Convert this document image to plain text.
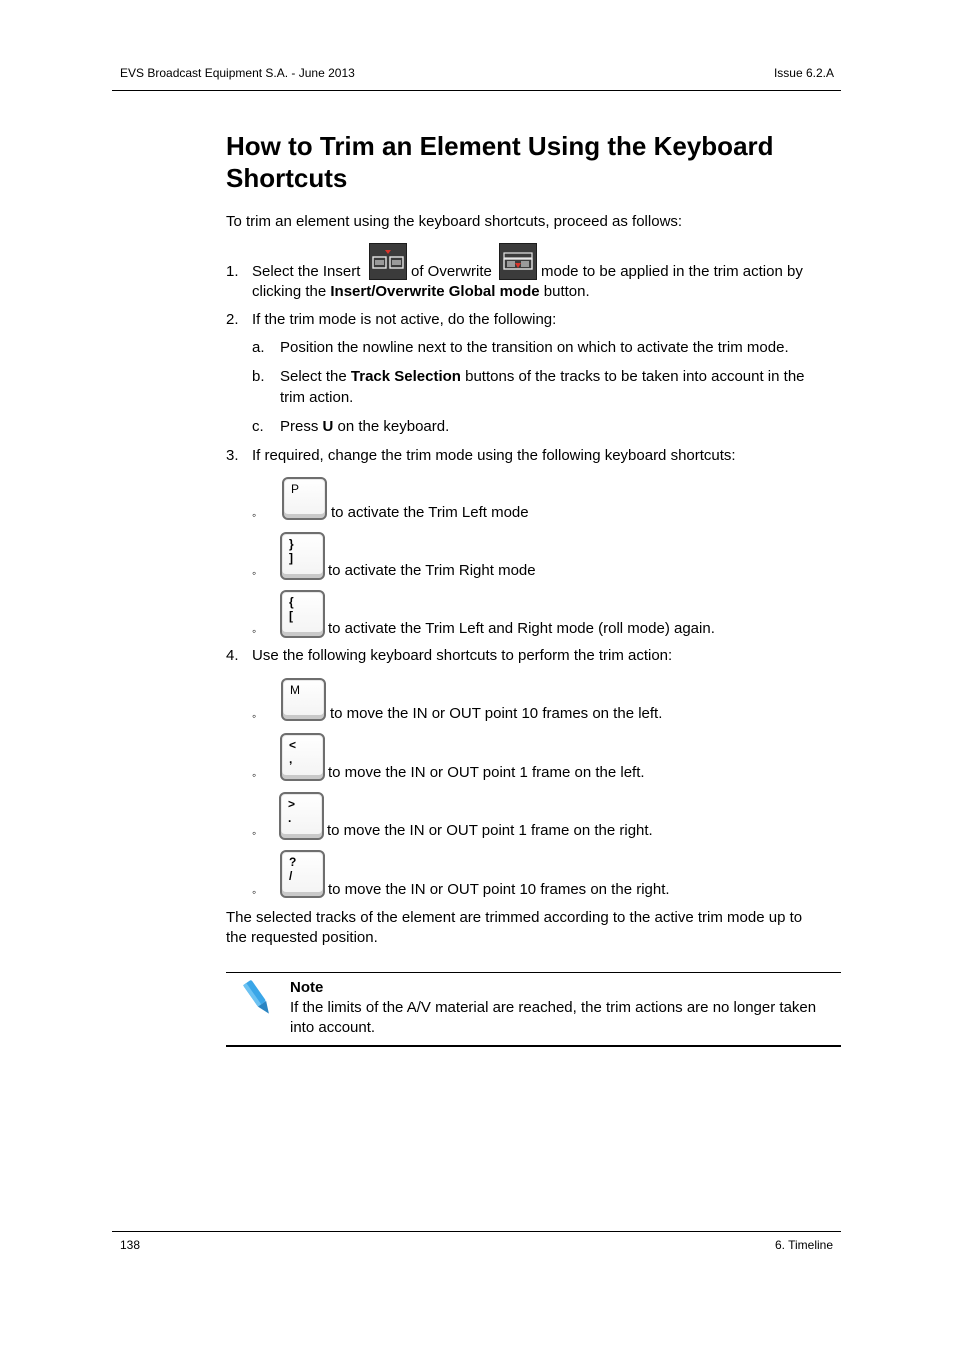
EVS Broadcast Equipment S.A. - June 2013	Issue 6.2.A
How to Trim an Element Using the Keyboard
Shortcuts
To trim an element using the keyboard shortcuts, proceed as follows:
1. Select the Insert	of Overwrite	mode to be applied in the trim action by
clicking the Insert/Overwrite Global mode button.
2. If the trim mode is not active, do the following:
a. Position the nowline next to the transition on which to activate the trim mode.
b. Select the Track Selection buttons of the tracks to be taken into account in the
trim action.
c. Press U on the keyboard.
3. If required, change the trim mode using the following keyboard shortcuts:
◦
P
to activate the Trim Left mode
◦
}
]
to activate the Trim Right mode
◦
{
[
to activate the Trim Left and Right mode (roll mode) again.
4. Use the following keyboard shortcuts to perform the trim action:
◦
M
to move the IN or OUT point 10 frames on the left.
◦
<
,
to move the IN or OUT point 1 frame on the left.
◦
>
.
to move the IN or OUT point 1 frame on the right.
◦
?
/
to move the IN or OUT point 10 frames on the right.
The selected tracks of the element are trimmed according to the active trim mode up to
the requested position.
Note
If the limits of the A/V material are reached, the trim actions are no longer taken
into account.
138	6. Timeline
